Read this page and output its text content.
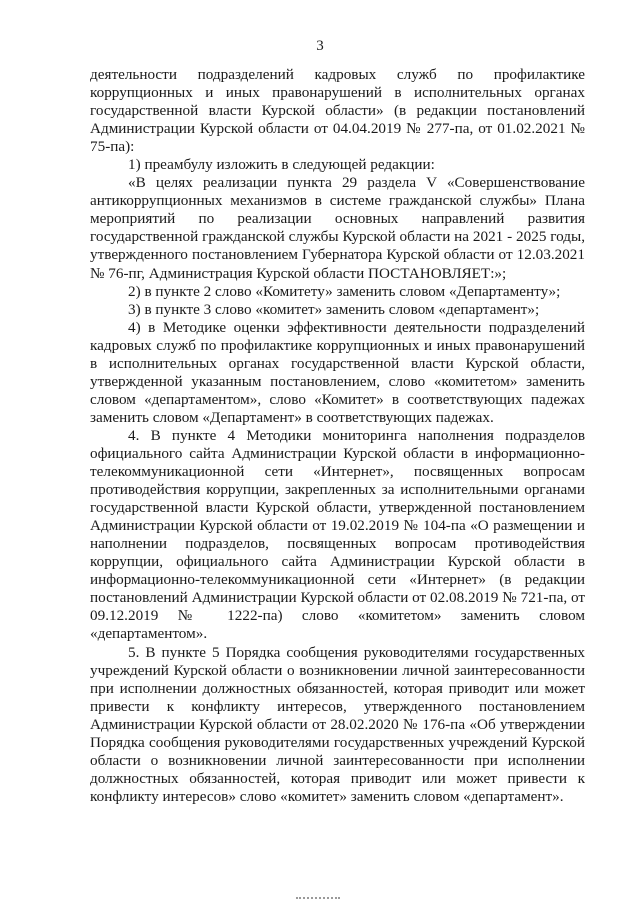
3

деятельности подразделений кадровых служб по профилактике коррупционных и иных правонарушений в исполнительных органах государственной власти Курской области» (в редакции постановлений Администрации Курской области от 04.04.2019 № 277-па, от 01.02.2021 № 75-па):

1) преамбулу изложить в следующей редакции:

«В целях реализации пункта 29 раздела V «Совершенствование антикоррупционных механизмов в системе гражданской службы» Плана мероприятий по реализации основных направлений развития государственной гражданской службы Курской области на 2021 - 2025 годы, утвержденного постановлением Губернатора Курской области от 12.03.2021 № 76-пг, Администрация Курской области ПОСТАНОВЛЯЕТ:»;

2) в пункте 2 слово «Комитету» заменить словом «Департаменту»;

3) в пункте 3 слово «комитет» заменить словом «департамент»;

4) в Методике оценки эффективности деятельности подразделений кадровых служб по профилактике коррупционных и иных правонарушений в исполнительных органах государственной власти Курской области, утвержденной указанным постановлением, слово «комитетом» заменить словом «департаментом», слово «Комитет» в соответствующих падежах заменить словом «Департамент» в соответствующих падежах.

4. В пункте 4 Методики мониторинга наполнения подразделов официального сайта Администрации Курской области в информационно-телекоммуникационной сети «Интернет», посвященных вопросам противодействия коррупции, закрепленных за исполнительными органами государственной власти Курской области, утвержденной постановлением Администрации Курской области от 19.02.2019 № 104-па «О размещении и наполнении подразделов, посвященных вопросам противодействия коррупции, официального сайта Администрации Курской области в информационно-телекоммуникационной сети «Интернет» (в редакции постановлений Администрации Курской области от 02.08.2019 № 721-па, от 09.12.2019 № 1222-па) слово «комитетом» заменить словом «департаментом».

5. В пункте 5 Порядка сообщения руководителями государственных учреждений Курской области о возникновении личной заинтересованности при исполнении должностных обязанностей, которая приводит или может привести к конфликту интересов, утвержденного постановлением Администрации Курской области от 28.02.2020 № 176-па «Об утверждении Порядка сообщения руководителями государственных учреждений Курской области о возникновении личной заинтересованности при исполнении должностных обязанностей, которая приводит или может привести к конфликту интересов» слово «комитет» заменить словом «департамент».
